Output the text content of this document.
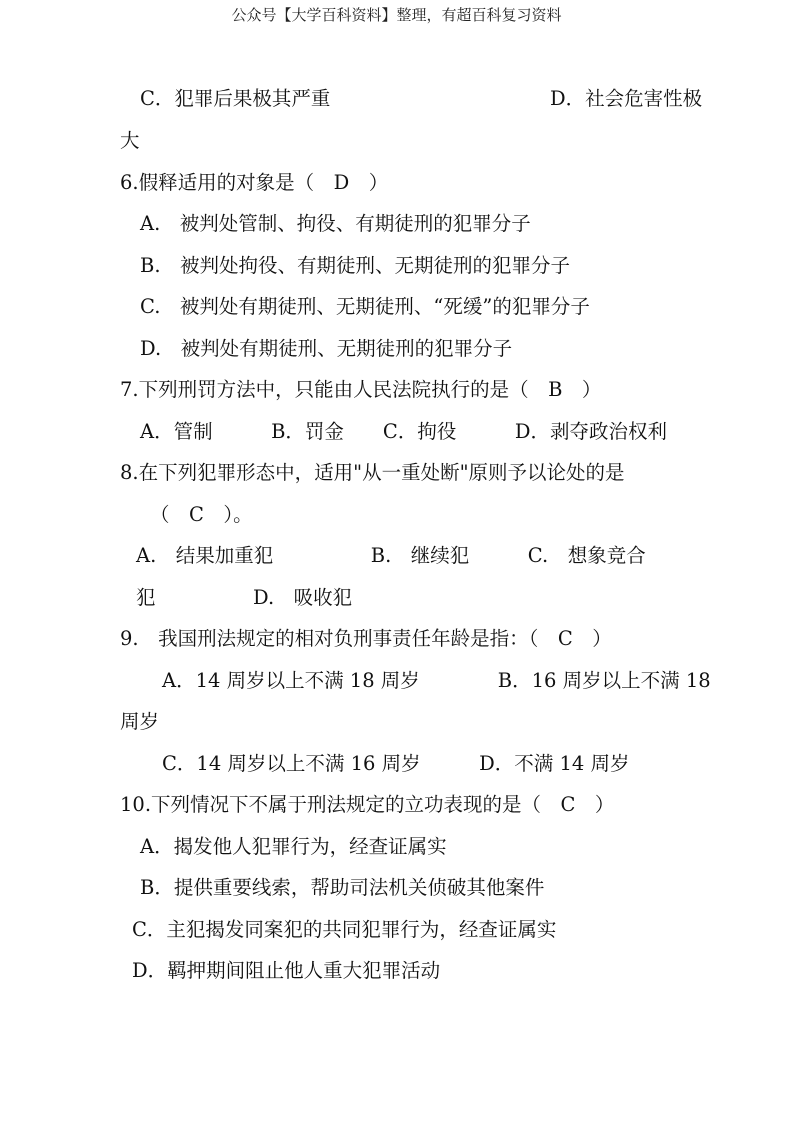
公众号【大学百科资料】整理，有超百科复习资料
C．犯罪后果极其严重	D．社会危害性极
大
6.假释适用的对象是（　D　）
A.　被判处管制、拘役、有期徒刑的犯罪分子
B.　被判处拘役、有期徒刑、无期徒刑的犯罪分子
C.　被判处有期徒刑、无期徒刑、“死缓”的犯罪分子
D.　被判处有期徒刑、无期徒刑的犯罪分子
7.下列刑罚方法中，只能由人民法院执行的是（　B　）
A．管制　　　B．罚金　　C．拘役　　　D．剥夺政治权利
8.在下列犯罪形态中，适用"从一重处断"原则予以论处的是
（　C　）。
A.　结果加重犯　　　　　B.　继续犯　　　C.　想象竞合
犯　　　　　D.　吸收犯
9.　我国刑法规定的相对负刑事责任年龄是指：（　C　）
A．14 周岁以上不满 18 周岁　　　　B．16 周岁以上不满 18
周岁
C．14 周岁以上不满 16 周岁　　　D．不满 14 周岁
10.下列情况下不属于刑法规定的立功表现的是（　C　）
A．揭发他人犯罪行为，经查证属实
B．提供重要线索，帮助司法机关侦破其他案件
C．主犯揭发同案犯的共同犯罪行为，经查证属实
D．羁押期间阻止他人重大犯罪活动
